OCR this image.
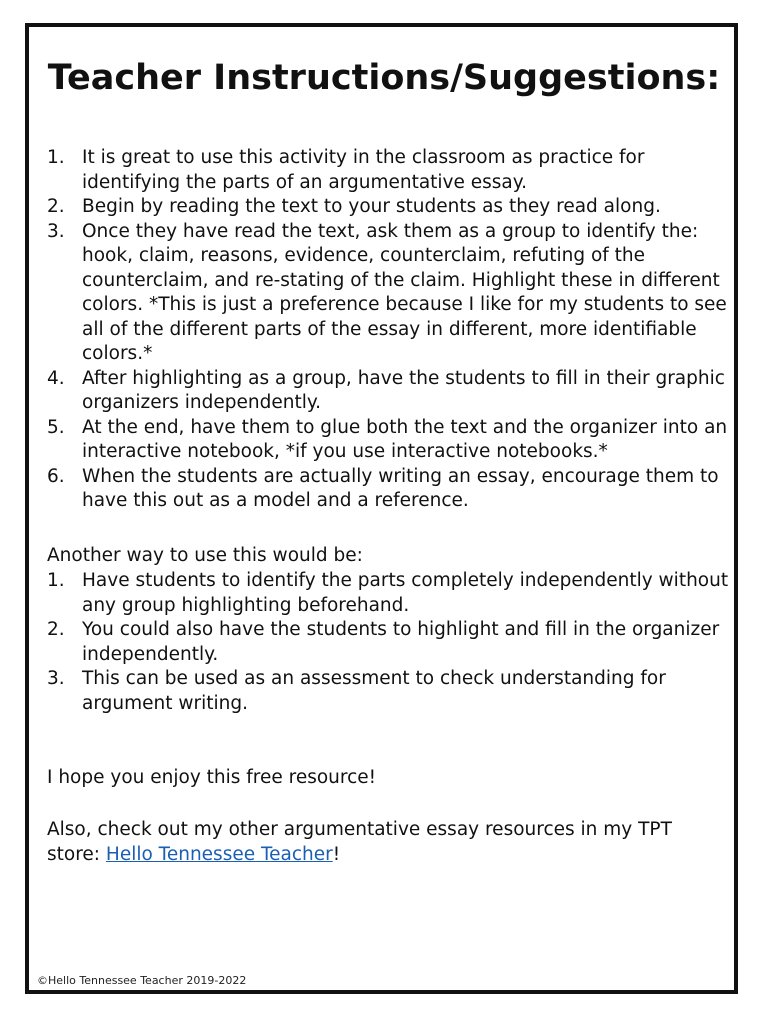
Teacher Instructions/Suggestions:
1. It is great to use this activity in the classroom as practice for identifying the parts of an argumentative essay.
2. Begin by reading the text to your students as they read along.
3. Once they have read the text, ask them as a group to identify the: hook, claim, reasons, evidence, counterclaim, refuting of the counterclaim, and re-stating of the claim. Highlight these in different colors. *This is just a preference because I like for my students to see all of the different parts of the essay in different, more identifiable colors.*
4. After highlighting as a group, have the students to fill in their graphic organizers independently.
5. At the end, have them to glue both the text and the organizer into an interactive notebook, *if you use interactive notebooks.*
6. When the students are actually writing an essay, encourage them to have this out as a model and a reference.

Another way to use this would be:

1. Have students to identify the parts completely independently without any group highlighting beforehand.
2. You could also have the students to highlight and fill in the organizer independently.
3. This can be used as an assessment to check understanding for argument writing.

I hope you enjoy this free resource!

Also, check out my other argumentative essay resources in my TPT store: Hello Tennessee Teacher!

©Hello Tennessee Teacher 2019-2022
